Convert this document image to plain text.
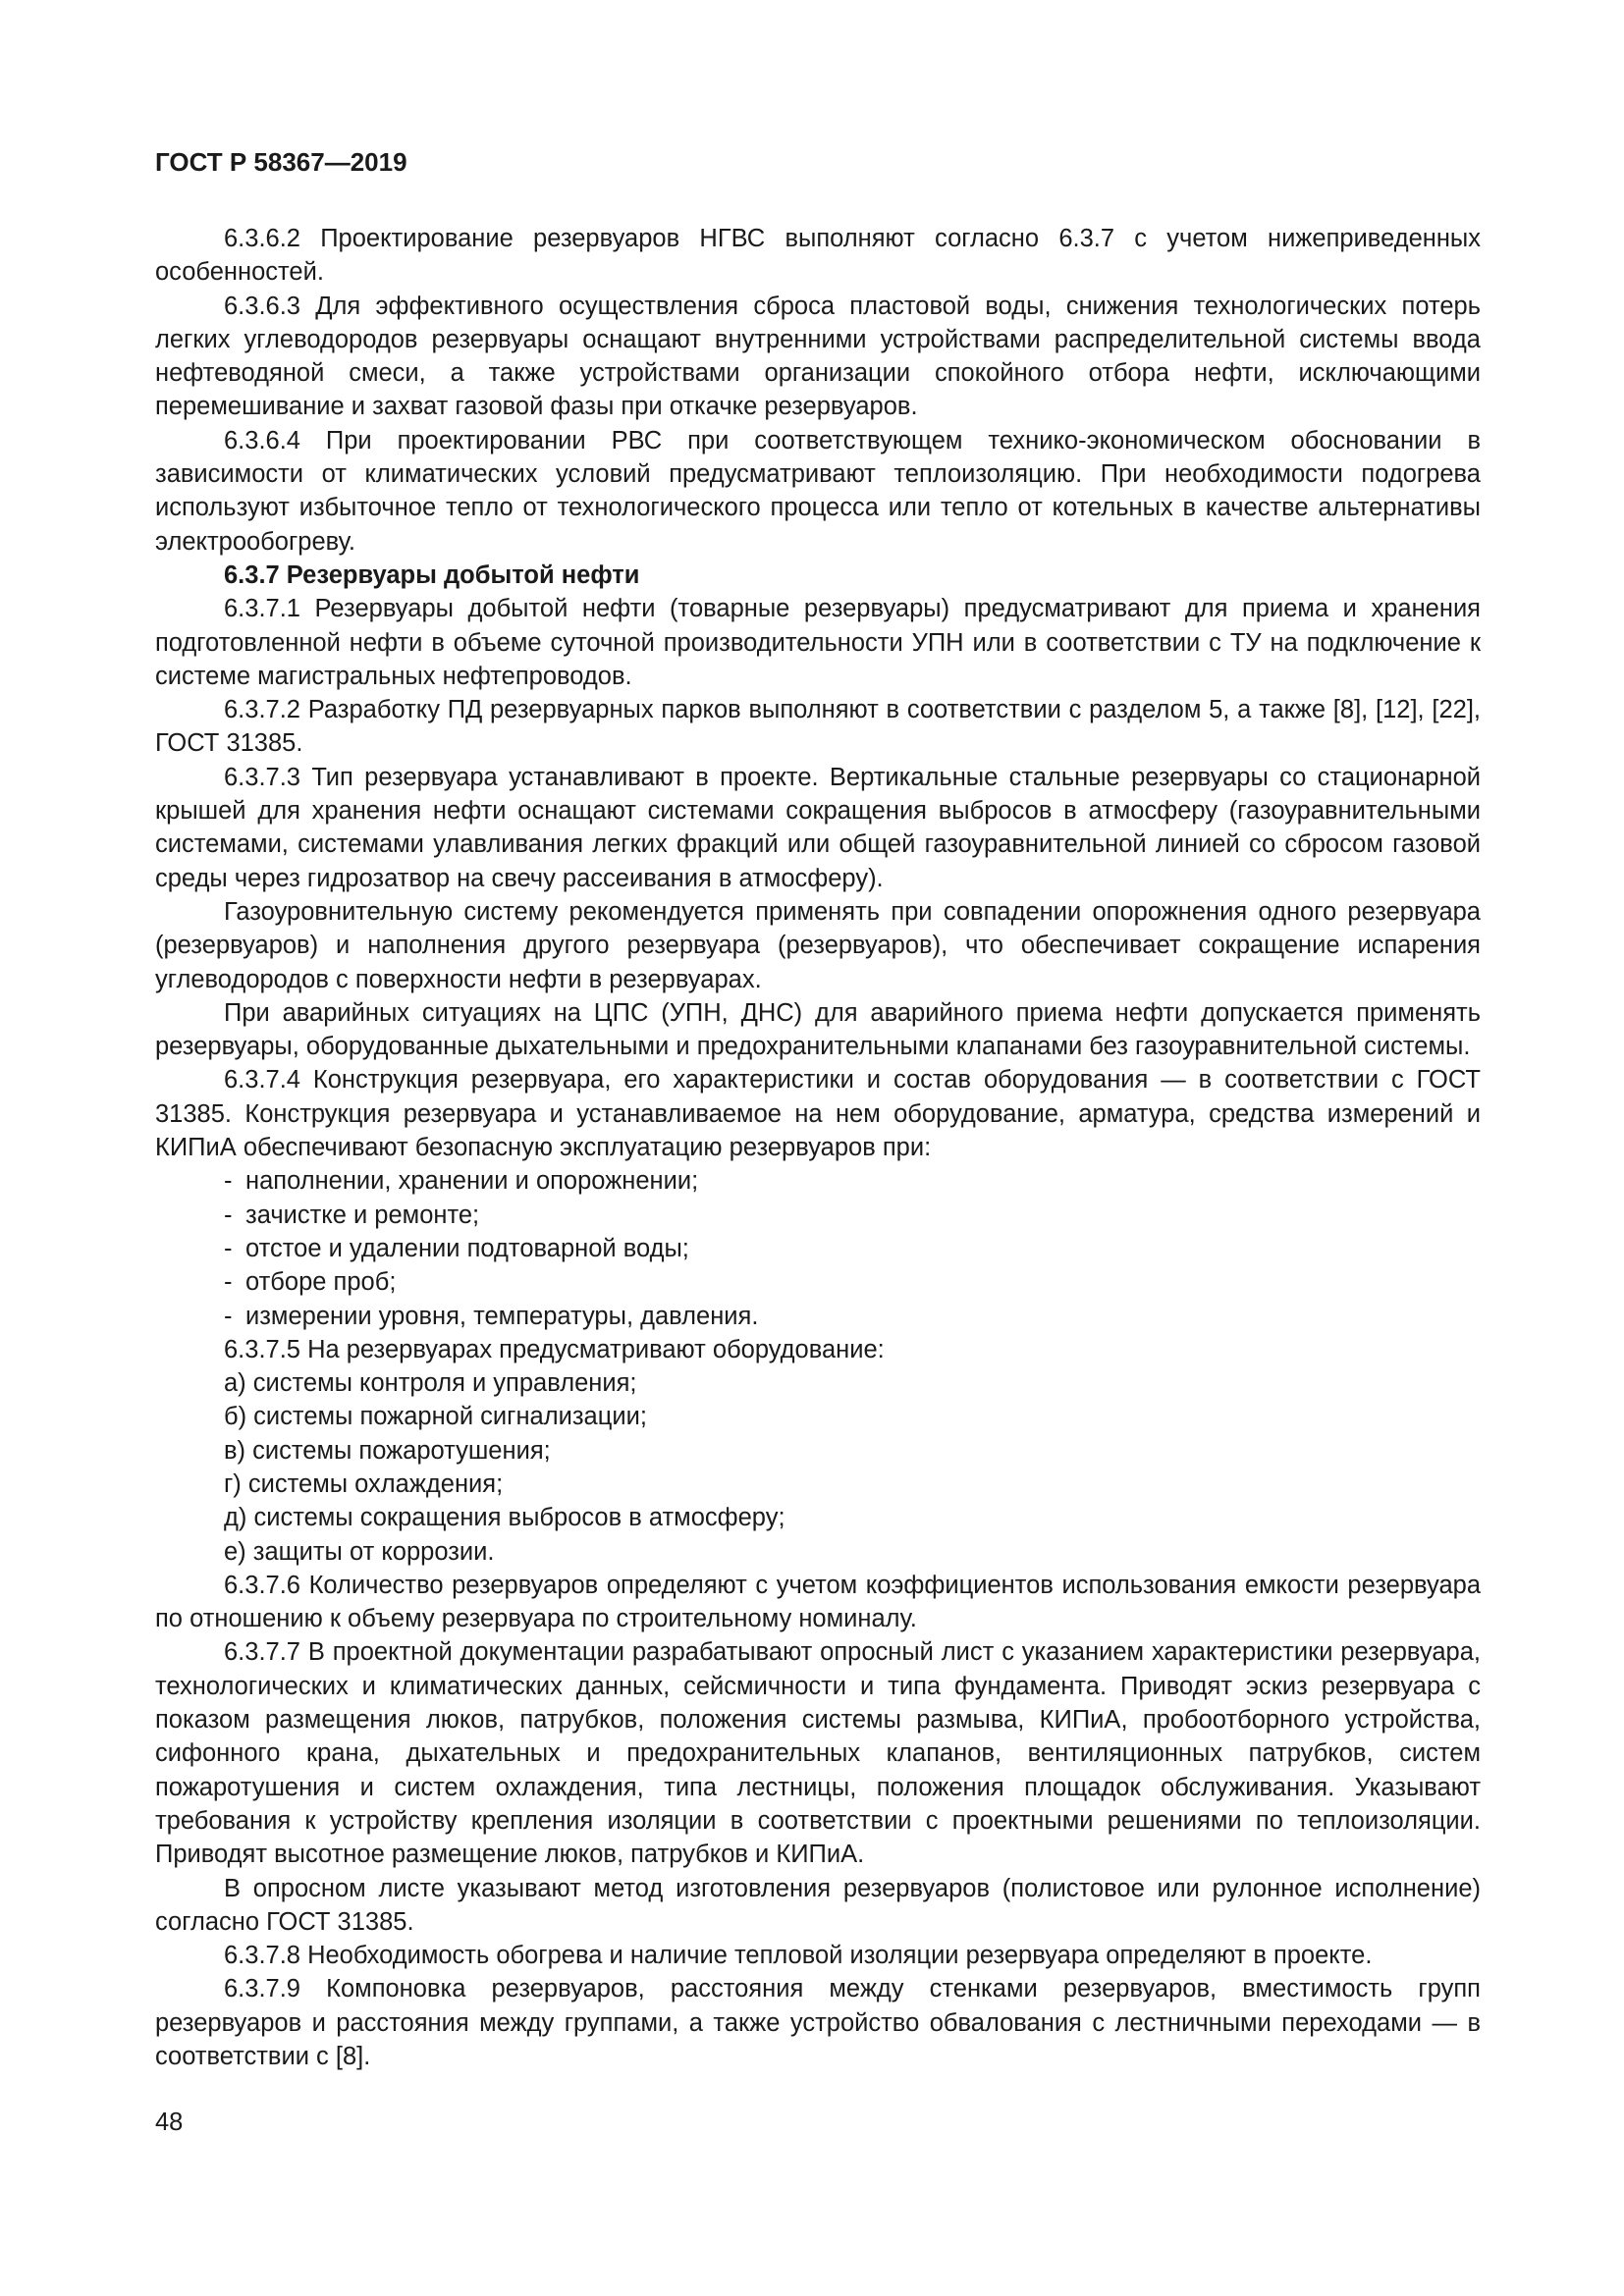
ГОСТ Р 58367—2019

6.3.6.2 Проектирование резервуаров НГВС выполняют согласно 6.3.7 с учетом нижеприведенных особенностей.

6.3.6.3 Для эффективного осуществления сброса пластовой воды, снижения технологических потерь легких углеводородов резервуары оснащают внутренними устройствами распределительной системы ввода нефтеводяной смеси, а также устройствами организации спокойного отбора нефти, исключающими перемешивание и захват газовой фазы при откачке резервуаров.

6.3.6.4 При проектировании РВС при соответствующем технико-экономическом обосновании в зависимости от климатических условий предусматривают теплоизоляцию. При необходимости подогрева используют избыточное тепло от технологического процесса или тепло от котельных в качестве альтернативы электрообогреву.

6.3.7 Резервуары добытой нефти

6.3.7.1 Резервуары добытой нефти (товарные резервуары) предусматривают для приема и хранения подготовленной нефти в объеме суточной производительности УПН или в соответствии с ТУ на подключение к системе магистральных нефтепроводов.

6.3.7.2 Разработку ПД резервуарных парков выполняют в соответствии с разделом 5, а также [8], [12], [22], ГОСТ 31385.

6.3.7.3 Тип резервуара устанавливают в проекте. Вертикальные стальные резервуары со стационарной крышей для хранения нефти оснащают системами сокращения выбросов в атмосферу (газоуравнительными системами, системами улавливания легких фракций или общей газоуравнительной линией со сбросом газовой среды через гидрозатвор на свечу рассеивания в атмосферу).

Газоуровнительную систему рекомендуется применять при совпадении опорожнения одного резервуара (резервуаров) и наполнения другого резервуара (резервуаров), что обеспечивает сокращение испарения углеводородов с поверхности нефти в резервуарах.

При аварийных ситуациях на ЦПС (УПН, ДНС) для аварийного приема нефти допускается применять резервуары, оборудованные дыхательными и предохранительными клапанами без газоуравнительной системы.

6.3.7.4 Конструкция резервуара, его характеристики и состав оборудования — в соответствии с ГОСТ 31385. Конструкция резервуара и устанавливаемое на нем оборудование, арматура, средства измерений и КИПиА обеспечивают безопасную эксплуатацию резервуаров при:

- наполнении, хранении и опорожнении;
- зачистке и ремонте;
- отстое и удалении подтоварной воды;
- отборе проб;
- измерении уровня, температуры, давления.

6.3.7.5 На резервуарах предусматривают оборудование:

а) системы контроля и управления;
б) системы пожарной сигнализации;
в) системы пожаротушения;
г) системы охлаждения;
д) системы сокращения выбросов в атмосферу;
е) защиты от коррозии.

6.3.7.6 Количество резервуаров определяют с учетом коэффициентов использования емкости резервуара по отношению к объему резервуара по строительному номиналу.

6.3.7.7 В проектной документации разрабатывают опросный лист с указанием характеристики резервуара, технологических и климатических данных, сейсмичности и типа фундамента. Приводят эскиз резервуара с показом размещения люков, патрубков, положения системы размыва, КИПиА, пробоотборного устройства, сифонного крана, дыхательных и предохранительных клапанов, вентиляционных патрубков, систем пожаротушения и систем охлаждения, типа лестницы, положения площадок обслуживания. Указывают требования к устройству крепления изоляции в соответствии с проектными решениями по теплоизоляции. Приводят высотное размещение люков, патрубков и КИПиА.

В опросном листе указывают метод изготовления резервуаров (полистовое или рулонное исполнение) согласно ГОСТ 31385.

6.3.7.8 Необходимость обогрева и наличие тепловой изоляции резервуара определяют в проекте.

6.3.7.9 Компоновка резервуаров, расстояния между стенками резервуаров, вместимость групп резервуаров и расстояния между группами, а также устройство обвалования с лестничными переходами — в соответствии с [8].

48
